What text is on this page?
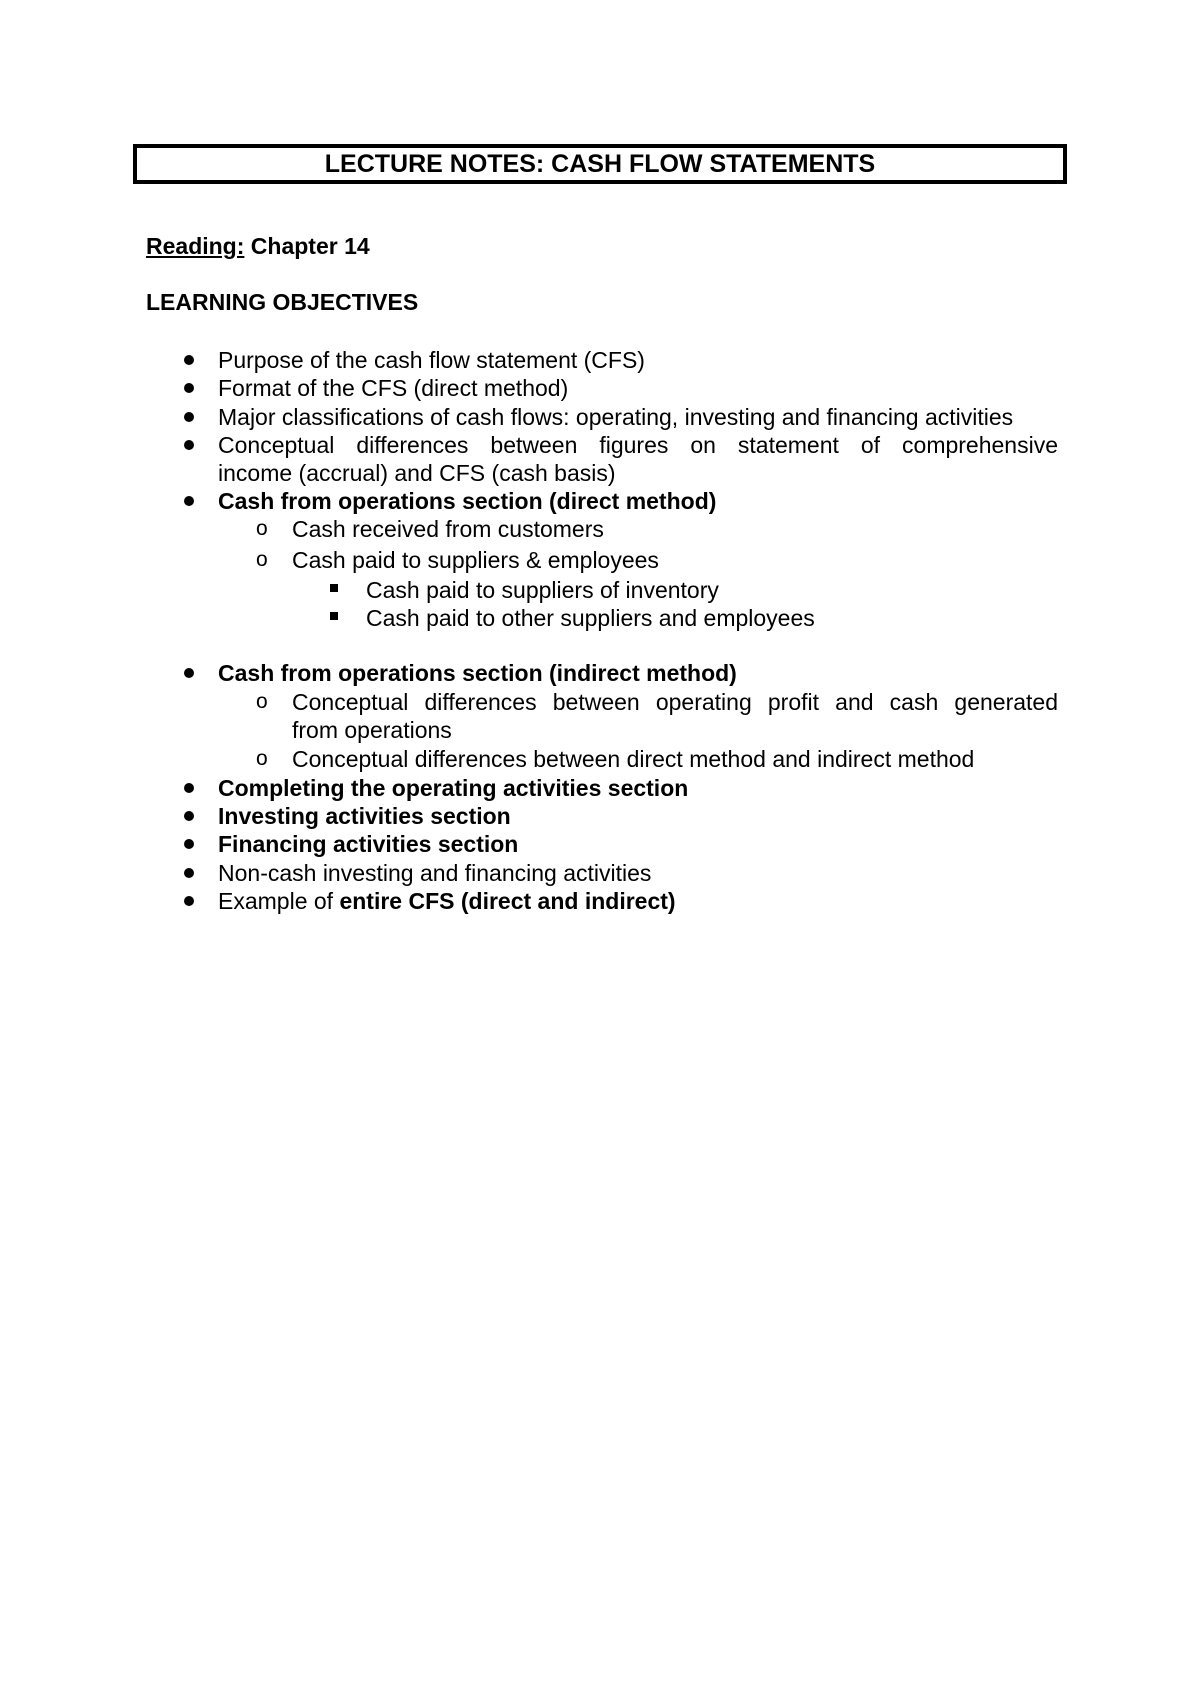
LECTURE NOTES: CASH FLOW STATEMENTS
Reading: Chapter 14
LEARNING OBJECTIVES
Purpose of the cash flow statement (CFS)
Format of the CFS (direct method)
Major classifications of cash flows: operating, investing and financing activities
Conceptual differences between figures on statement of comprehensive
income (accrual) and CFS (cash basis)
Cash from operations section (direct method)
o Cash received from customers
o Cash paid to suppliers & employees
Cash paid to suppliers of inventory
Cash paid to other suppliers and employees
Cash from operations section (indirect method)
o Conceptual differences between operating profit and cash generated
from operations
o Conceptual differences between direct method and indirect method
Completing the operating activities section
Investing activities section
Financing activities section
Non-cash investing and financing activities
Example of entire CFS (direct and indirect)
